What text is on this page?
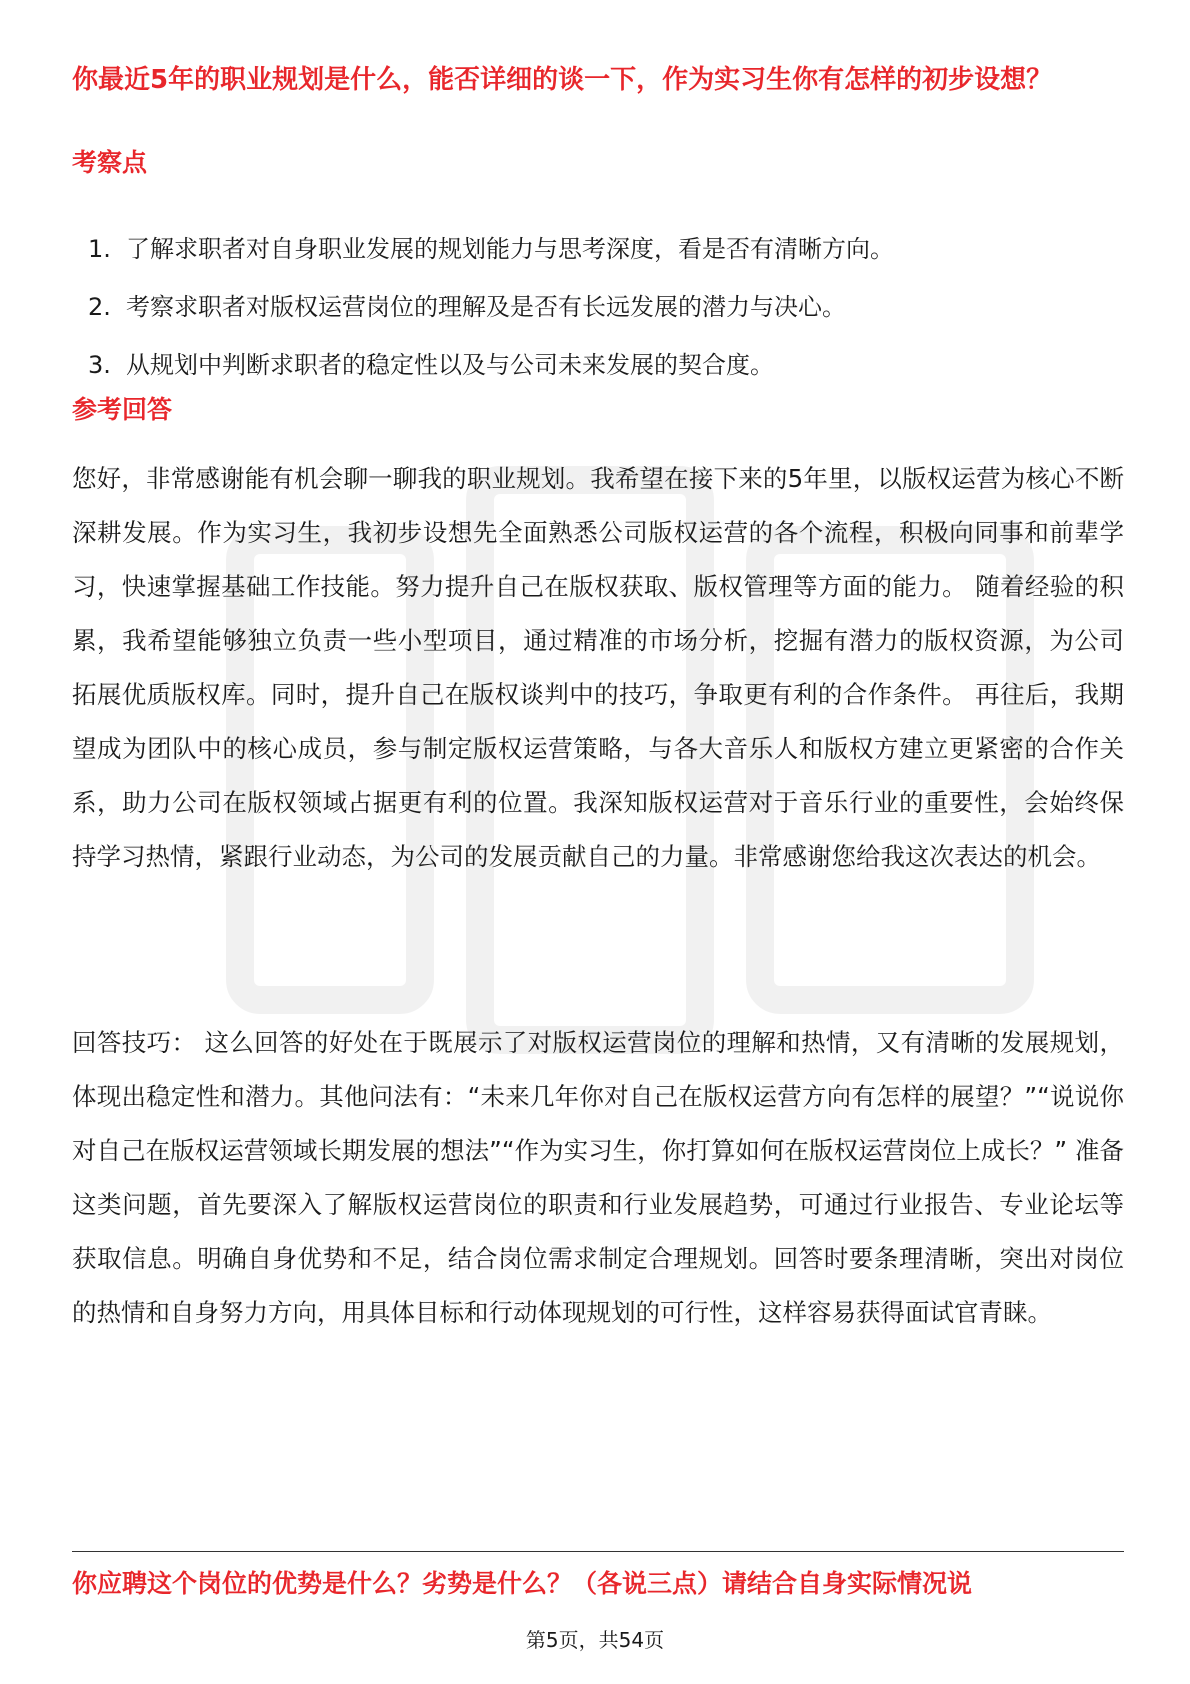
你最近5年的职业规划是什么，能否详细的谈一下，作为实习生你有怎样的初步设想？

考察点
1. 了解求职者对自身职业发展的规划能力与思考深度，看是否有清晰方向。
2. 考察求职者对版权运营岗位的理解及是否有长远发展的潜力与决心。
3. 从规划中判断求职者的稳定性以及与公司未来发展的契合度。
参考回答

您好，非常感谢能有机会聊一聊我的职业规划。我希望在接下来的5年里，以版权运营为核心不断深耕发展。作为实习生，我初步设想先全面熟悉公司版权运营的各个流程，积极向同事和前辈学习，快速掌握基础工作技能。努力提升自己在版权获取、版权管理等方面的能力。 随着经验的积累，我希望能够独立负责一些小型项目，通过精准的市场分析，挖掘有潜力的版权资源，为公司拓展优质版权库。同时，提升自己在版权谈判中的技巧，争取更有利的合作条件。 再往后，我期望成为团队中的核心成员，参与制定版权运营策略，与各大音乐人和版权方建立更紧密的合作关系，助力公司在版权领域占据更有利的位置。我深知版权运营对于音乐行业的重要性，会始终保持学习热情，紧跟行业动态，为公司的发展贡献自己的力量。非常感谢您给我这次表达的机会。

回答技巧： 这么回答的好处在于既展示了对版权运营岗位的理解和热情，又有清晰的发展规划，体现出稳定性和潜力。其他问法有：“未来几年你对自己在版权运营方向有怎样的展望？”“说说你对自己在版权运营领域长期发展的想法”“作为实习生，你打算如何在版权运营岗位上成长？” 准备这类问题，首先要深入了解版权运营岗位的职责和行业发展趋势，可通过行业报告、专业论坛等获取信息。明确自身优势和不足，结合岗位需求制定合理规划。回答时要条理清晰，突出对岗位的热情和自身努力方向，用具体目标和行动体现规划的可行性，这样容易获得面试官青睐。

你应聘这个岗位的优势是什么？劣势是什么？（各说三点）请结合自身实际情况说

第5页，共54页
